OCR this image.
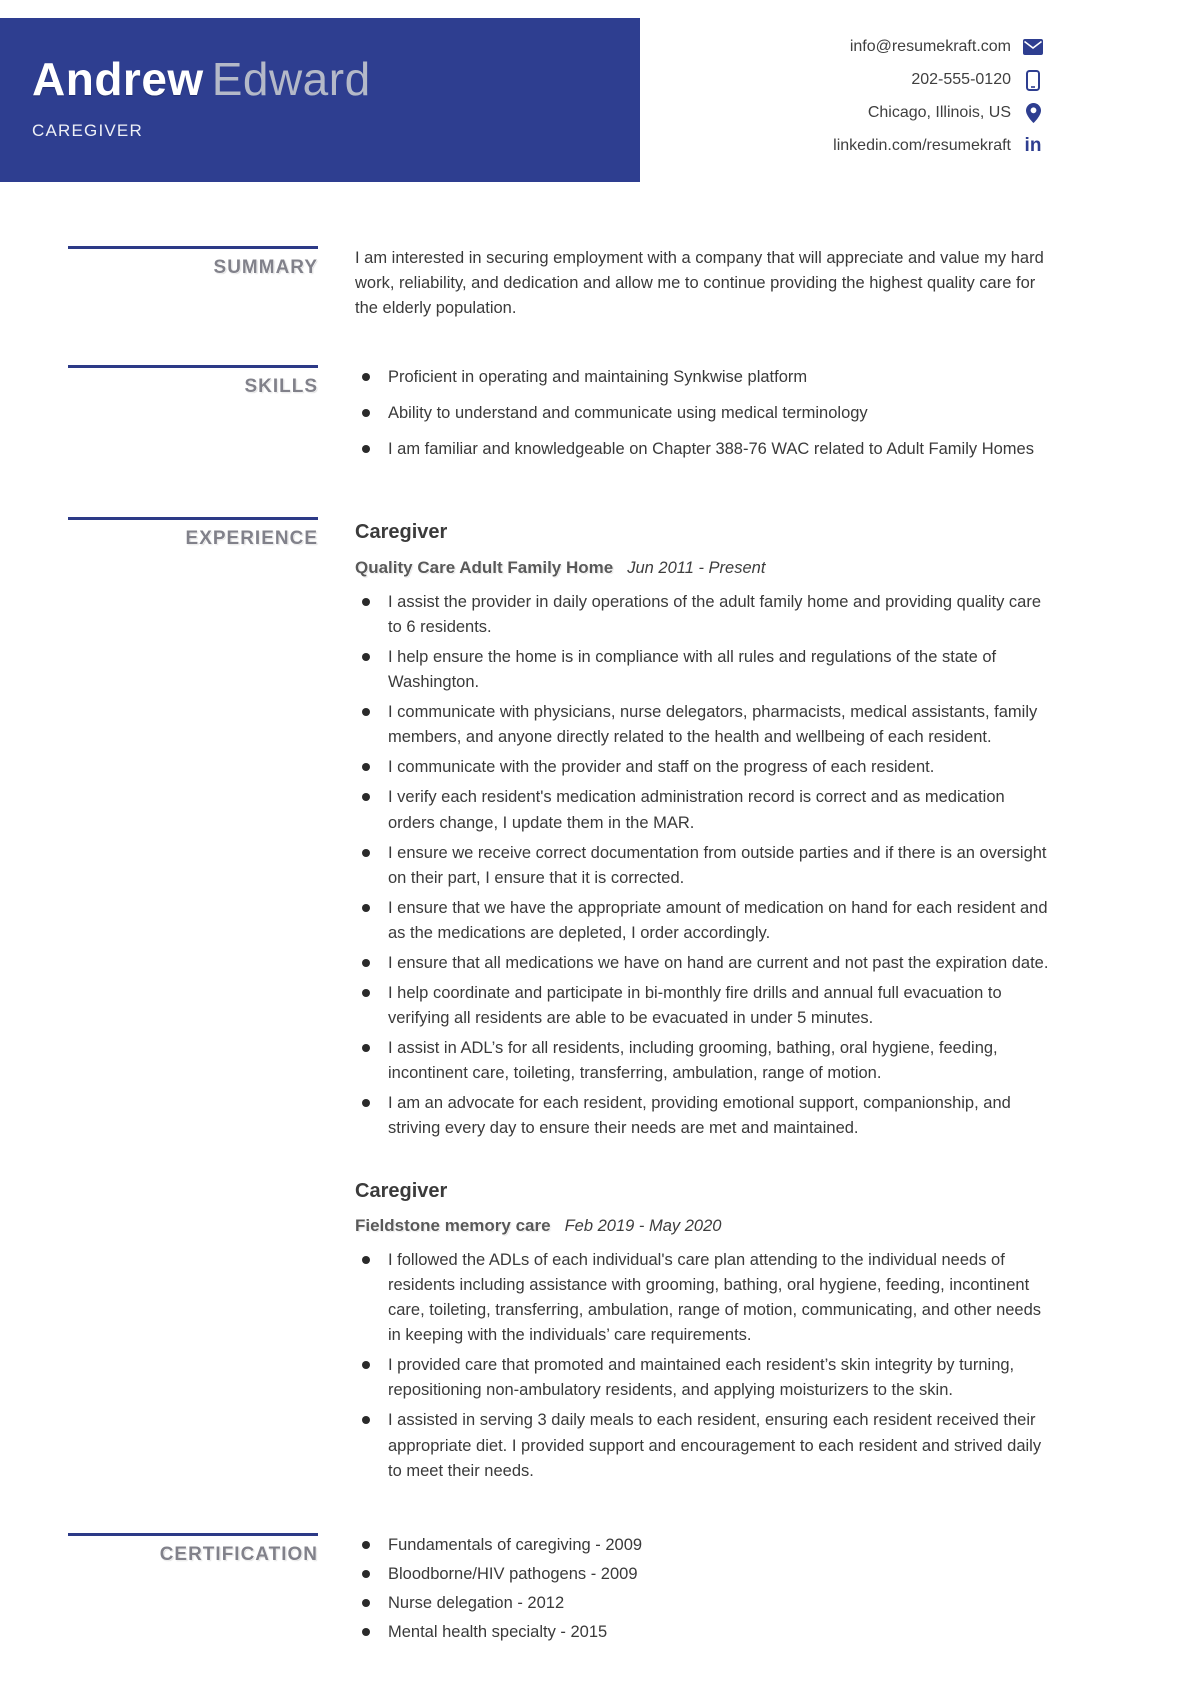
Andrew Edward
CAREGIVER
info@resumekraft.com
202-555-0120
Chicago, Illinois, US
linkedin.com/resumekraft in
SUMMARY I am interested in securing employment with a company that will appreciate and value my hard work, reliability, and dedication and allow me to continue providing the highest quality care for the elderly population.

SKILLS	Proficient in operating and maintaining Synkwise platform
Ability to understand and communicate using medical terminology
I am familiar and knowledgeable on Chapter 388-76 WAC related to Adult Family Homes
EXPERIENCE Caregiver
Quality Care Adult Family Home Jun 2011 - Present
I assist the provider in daily operations of the adult family home and providing quality care to 6 residents.
I help ensure the home is in compliance with all rules and regulations of the state of Washington.
I communicate with physicians, nurse delegators, pharmacists, medical assistants, family members, and anyone directly related to the health and wellbeing of each resident.
I communicate with the provider and staff on the progress of each resident.
I verify each resident's medication administration record is correct and as medication orders change, I update them in the MAR.
I ensure we receive correct documentation from outside parties and if there is an oversight on their part, I ensure that it is corrected.
I ensure that we have the appropriate amount of medication on hand for each resident and as the medications are depleted, I order accordingly.
I ensure that all medications we have on hand are current and not past the expiration date.
I help coordinate and participate in bi-monthly fire drills and annual full evacuation to verifying all residents are able to be evacuated in under 5 minutes.
I assist in ADL’s for all residents, including grooming, bathing, oral hygiene, feeding, incontinent care, toileting, transferring, ambulation, range of motion.
I am an advocate for each resident, providing emotional support, companionship, and striving every day to ensure their needs are met and maintained.
Caregiver
Fieldstone memory care Feb 2019 - May 2020
I followed the ADLs of each individual's care plan attending to the individual needs of residents including assistance with grooming, bathing, oral hygiene, feeding, incontinent care, toileting, transferring, ambulation, range of motion, communicating, and other needs in keeping with the individuals’ care requirements.
I provided care that promoted and maintained each resident’s skin integrity by turning, repositioning non-ambulatory residents, and applying moisturizers to the skin.
I assisted in serving 3 daily meals to each resident, ensuring each resident received their appropriate diet. I provided support and encouragement to each resident and strived daily to meet their needs.
CERTIFICATION	Fundamentals of caregiving - 2009
Bloodborne/HIV pathogens - 2009
Nurse delegation - 2012
Mental health specialty - 2015
